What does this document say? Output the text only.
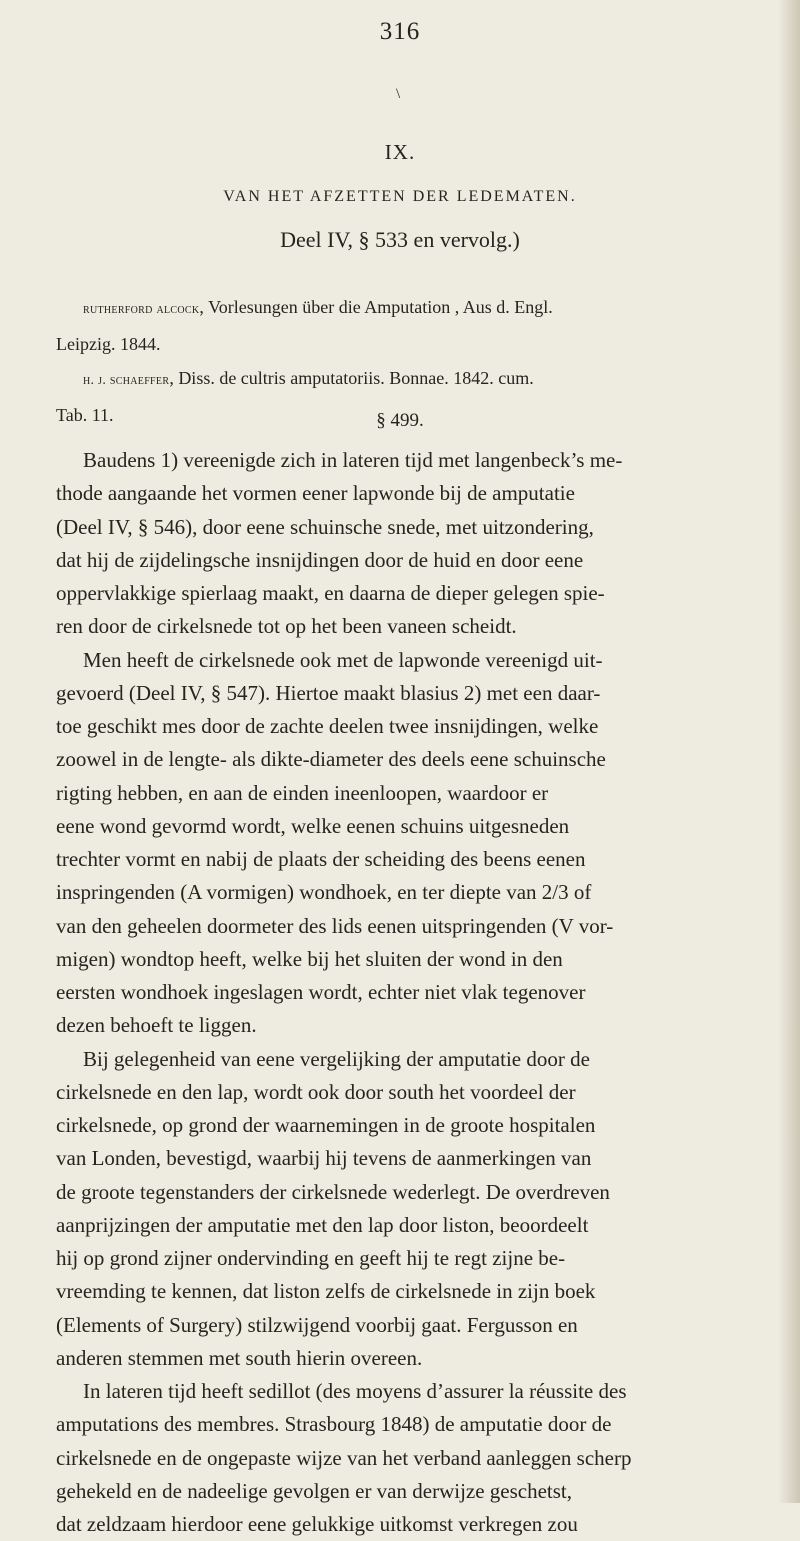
316
\
IX.
VAN HET AFZETTEN DER LEDEMATEN.
Deel IV, § 533 en vervolg.)

rutherford alcock, Vorlesungen über die Amputation , Aus d. Engl.

Leipzig. 1844.

h. j. schaeffer, Diss. de cultris amputatoriis. Bonnae. 1842. cum.

Tab. 11.	§ 499.
Baudens 1) vereenigde zich in lateren tijd met langenbeck’s me-
thode aangaande het vormen eener lapwonde bij de amputatie
(Deel IV, § 546), door eene schuinsche snede, met uitzondering,
dat hij de zijdelingsche insnijdingen door de huid en door eene
oppervlakkige spierlaag maakt, en daarna de dieper gelegen spie-
ren door de cirkelsnede tot op het been vaneen scheidt.
Men heeft de cirkelsnede ook met de lapwonde vereenigd uit-
gevoerd (Deel IV, § 547). Hiertoe maakt blasius 2) met een daar-
toe geschikt mes door de zachte deelen twee insnijdingen, welke
zoowel in de lengte- als dikte-diameter des deels eene schuinsche
rigting hebben, en aan de einden ineenloopen, waardoor er
eene wond gevormd wordt, welke eenen schuins uitgesneden
trechter vormt en nabij de plaats der scheiding des beens eenen
inspringenden (A vormigen) wondhoek, en ter diepte van 2/3 of
van den geheelen doormeter des lids eenen uitspringenden (V vor-
migen) wondtop heeft, welke bij het sluiten der wond in den
eersten wondhoek ingeslagen wordt, echter niet vlak tegenover
dezen behoeft te liggen.
Bij gelegenheid van eene vergelijking der amputatie door de
cirkelsnede en den lap, wordt ook door south het voordeel der
cirkelsnede, op grond der waarnemingen in de groote hospitalen
van Londen, bevestigd, waarbij hij tevens de aanmerkingen van
de groote tegenstanders der cirkelsnede wederlegt. De overdreven
aanprijzingen der amputatie met den lap door liston, beoordeelt
hij op grond zijner ondervinding en geeft hij te regt zijne be-
vreemding te kennen, dat liston zelfs de cirkelsnede in zijn boek
(Elements of Surgery) stilzwijgend voorbij gaat. Fergusson en
anderen stemmen met south hierin overeen.
In lateren tijd heeft sedillot (des moyens d’assurer la réussite des
amputations des membres. Strasbourg 1848) de amputatie door de
cirkelsnede en de ongepaste wijze van het verband aanleggen scherp
gehekeld en de nadeelige gevolgen er van derwijze geschetst,
dat zeldzaam hierdoor eene gelukkige uitkomst verkregen zou
